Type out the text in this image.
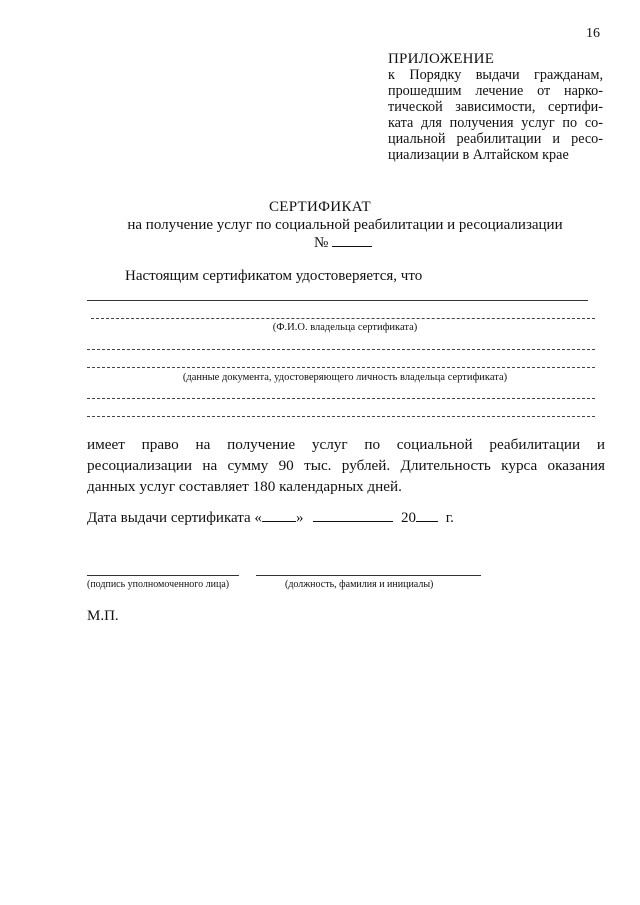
16
ПРИЛОЖЕНИЕ
к Порядку выдачи гражданам,
прошедшим лечение от нарко-
тической зависимости, сертифи-
ката для получения услуг по со-
циальной реабилитации и ресо-
циализации в Алтайском крае
СЕРТИФИКАТ
на получение услуг по социальной реабилитации и ресоциализации
№
Настоящим сертификатом удостоверяется, что
(Ф.И.О. владельца сертификата)
(данные документа, удостоверяющего личность владельца сертификата)
имеет право на получение услуг по социальной реабилитации и ресоциализации на сумму 90 тыс. рублей. Длительность курса оказания данных услуг составляет 180 календарных дней.
Дата выдачи сертификата « »	20 г.
(подпись уполномоченного лица)	(должность, фамилия и инициалы)
М.П.
